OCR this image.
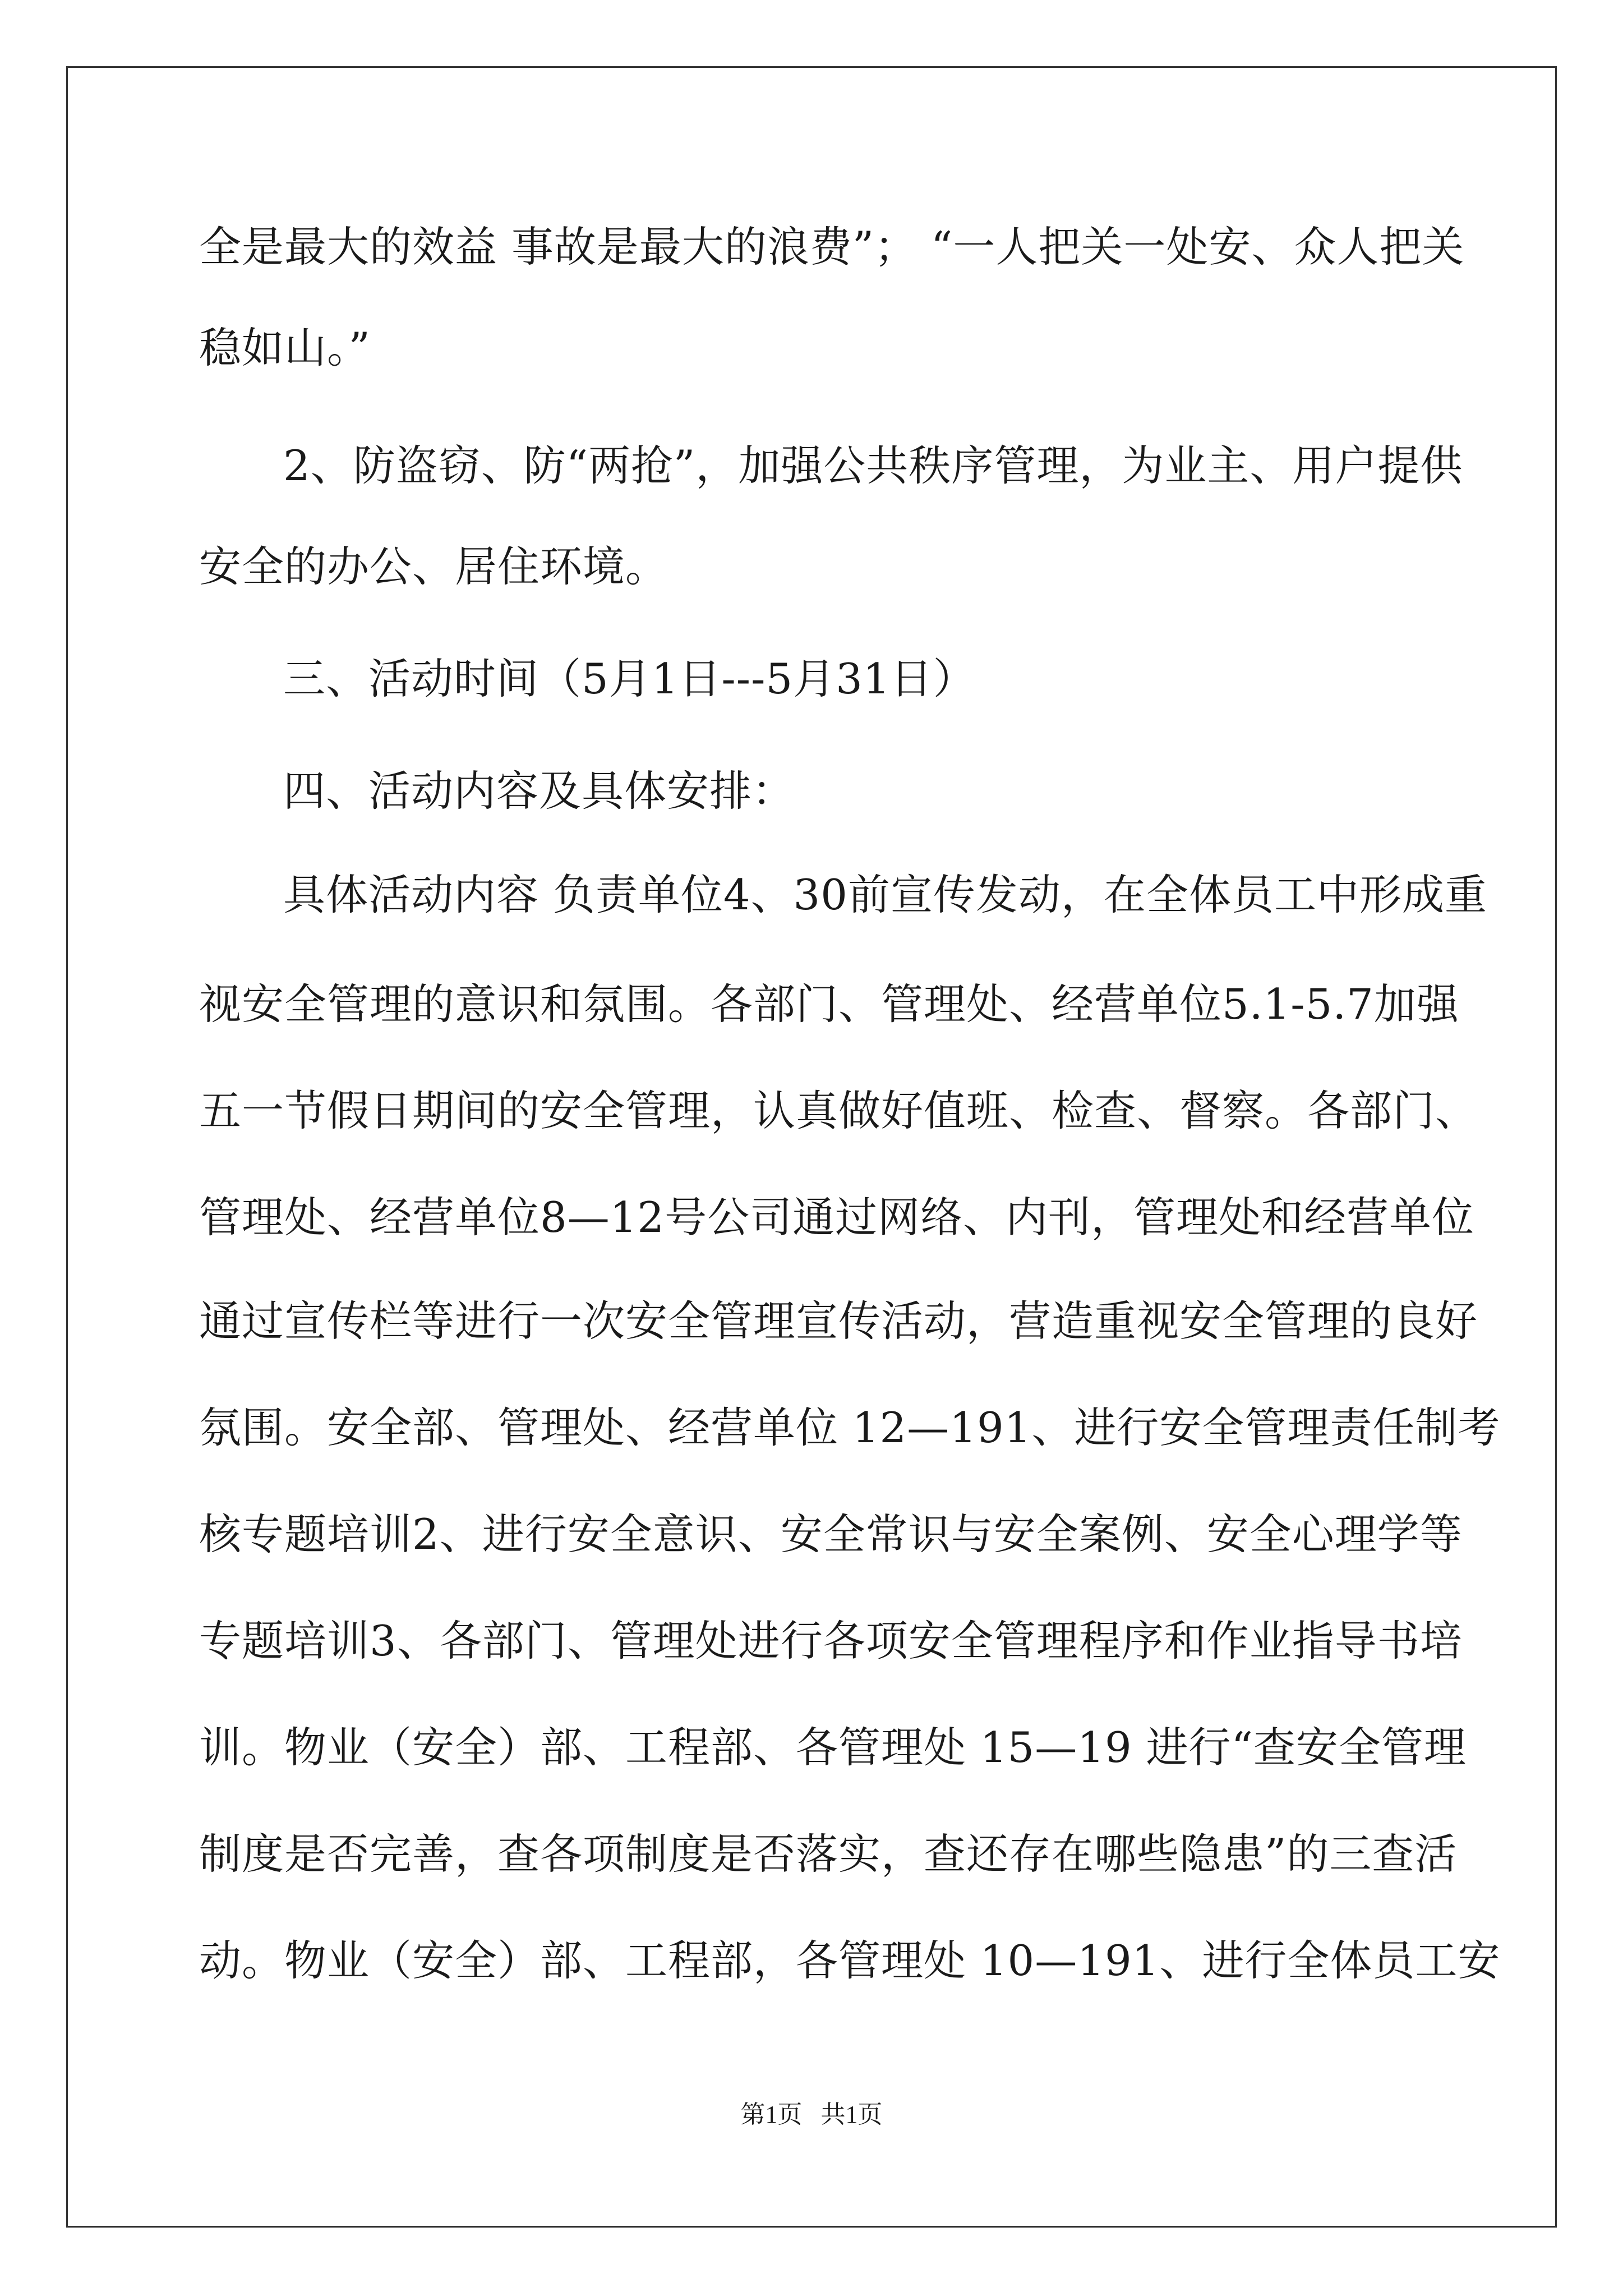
全是最大的效益 事故是最大的浪费”； “一人把关一处安、众人把关
稳如山。”
2、防盗窃、防“两抢”，加强公共秩序管理，为业主、用户提供
安全的办公、居住环境。
三、活动时间（5月1日---5月31日）
四、活动内容及具体安排：
具体活动内容 负责单位4、30前宣传发动，在全体员工中形成重
视安全管理的意识和氛围。各部门、管理处、经营单位5.1-5.7加强
五一节假日期间的安全管理，认真做好值班、检查、督察。各部门、
管理处、经营单位8—12号公司通过网络、内刊，管理处和经营单位
通过宣传栏等进行一次安全管理宣传活动，营造重视安全管理的良好
氛围。安全部、管理处、经营单位 12—191、进行安全管理责任制考
核专题培训2、进行安全意识、安全常识与安全案例、安全心理学等
专题培训3、各部门、管理处进行各项安全管理程序和作业指导书培
训。物业（安全）部、工程部、各管理处 15—19 进行“查安全管理
制度是否完善，查各项制度是否落实，查还存在哪些隐患”的三查活
动。物业（安全）部、工程部，各管理处 10—191、进行全体员工安
第1页   共1页
